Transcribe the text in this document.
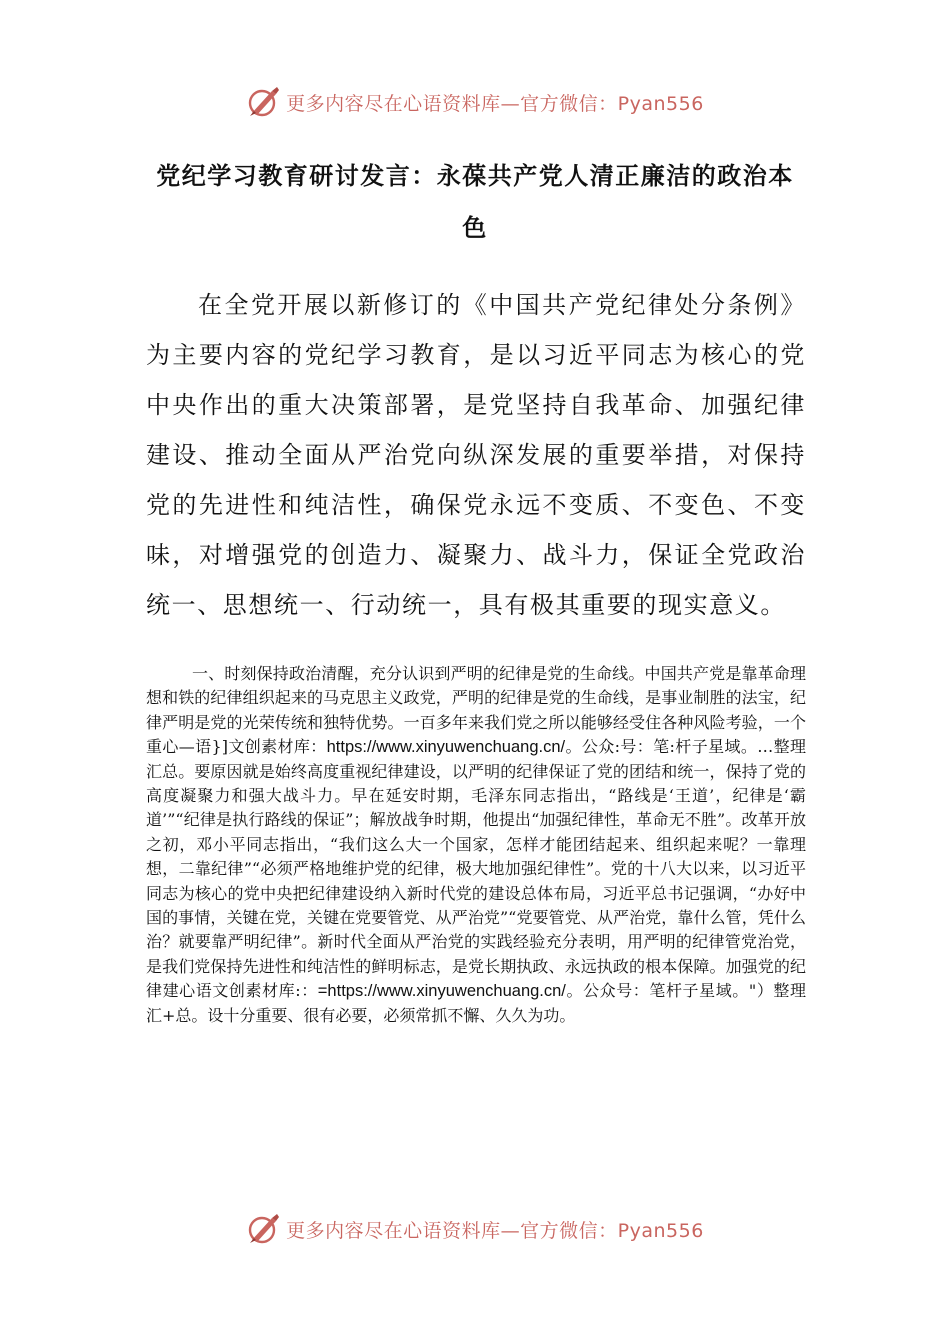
更多内容尽在心语资料库—官方微信：Pyan556
党纪学习教育研讨发言：永葆共产党人清正廉洁的政治本色

在全党开展以新修订的《中国共产党纪律处分条例》为主要内容的党纪学习教育，是以习近平同志为核心的党中央作出的重大决策部署，是党坚持自我革命、加强纪律建设、推动全面从严治党向纵深发展的重要举措，对保持党的先进性和纯洁性，确保党永远不变质、不变色、不变味，对增强党的创造力、凝聚力、战斗力，保证全党政治统一、思想统一、行动统一，具有极其重要的现实意义。

一、时刻保持政治清醒，充分认识到严明的纪律是党的生命线。中国共产党是靠革命理想和铁的纪律组织起来的马克思主义政党，严明的纪律是党的生命线，是事业制胜的法宝，纪律严明是党的光荣传统和独特优势。一百多年来我们党之所以能够经受住各种风险考验，一个重心—语}]文创素材库：https://www.xinyuwenchuang.cn/。公众:号：笔:杆子星域。…整理汇总。要原因就是始终高度重视纪律建设，以严明的纪律保证了党的团结和统一，保持了党的高度凝聚力和强大战斗力。早在延安时期，毛泽东同志指出，“路线是‘王道’，纪律是‘霸道’”“纪律是执行路线的保证”；解放战争时期，他提出“加强纪律性，革命无不胜”。改革开放之初，邓小平同志指出，“我们这么大一个国家，怎样才能团结起来、组织起来呢？一靠理想，二靠纪律”“必须严格地维护党的纪律，极大地加强纪律性”。党的十八大以来，以习近平同志为核心的党中央把纪律建设纳入新时代党的建设总体布局，习近平总书记强调，“办好中国的事情，关键在党，关键在党要管党、从严治党”“党要管党、从严治党，靠什么管，凭什么治？就要靠严明纪律”。新时代全面从严治党的实践经验充分表明，用严明的纪律管党治党，是我们党保持先进性和纯洁性的鲜明标志，是党长期执政、永远执政的根本保障。加强党的纪律建心语文创素材库:：=https://www.xinyuwenchuang.cn/。公众号：笔杆子星域。"）整理汇+总。设十分重要、很有必要，必须常抓不懈、久久为功。

更多内容尽在心语资料库—官方微信：Pyan556
